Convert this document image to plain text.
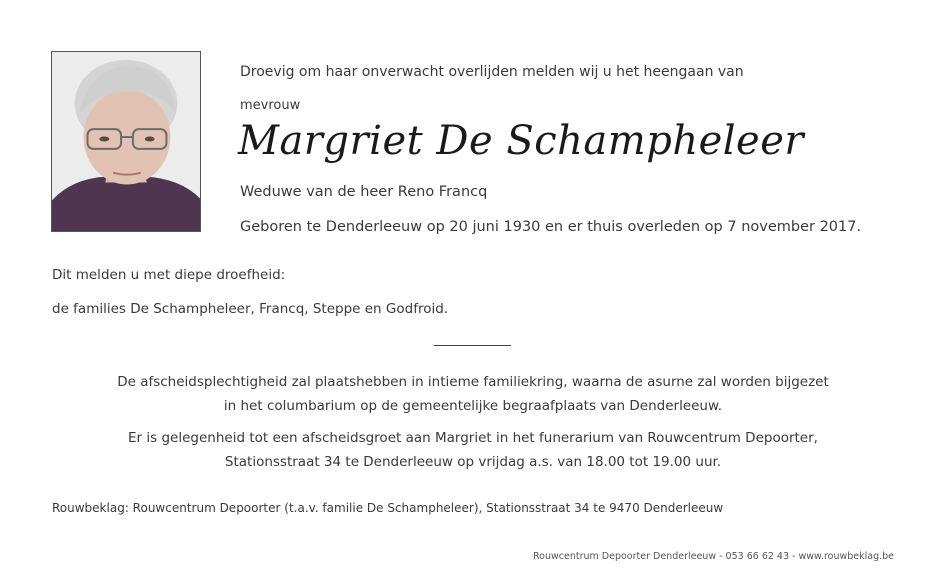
Droevig om haar onverwacht overlijden melden wij u het heengaan van
mevrouw
Margriet De Schampheleer
Weduwe van de heer Reno Francq
Geboren te Denderleeuw op 20 juni 1930 en er thuis overleden op 7 november 2017.
Dit melden u met diepe droefheid:
de families De Schampheleer, Francq, Steppe en Godfroid.
De afscheidsplechtigheid zal plaatshebben in intieme familiekring, waarna de asurne zal worden bijgezet
in het columbarium op de gemeentelijke begraafplaats van Denderleeuw.
Er is gelegenheid tot een afscheidsgroet aan Margriet in het funerarium van Rouwcentrum Depoorter,
Stationsstraat 34 te Denderleeuw op vrijdag a.s. van 18.00 tot 19.00 uur.
Rouwbeklag: Rouwcentrum Depoorter (t.a.v. familie De Schampheleer), Stationsstraat 34 te 9470 Denderleeuw
Rouwcentrum Depoorter Denderleeuw - 053 66 62 43 - www.rouwbeklag.be
